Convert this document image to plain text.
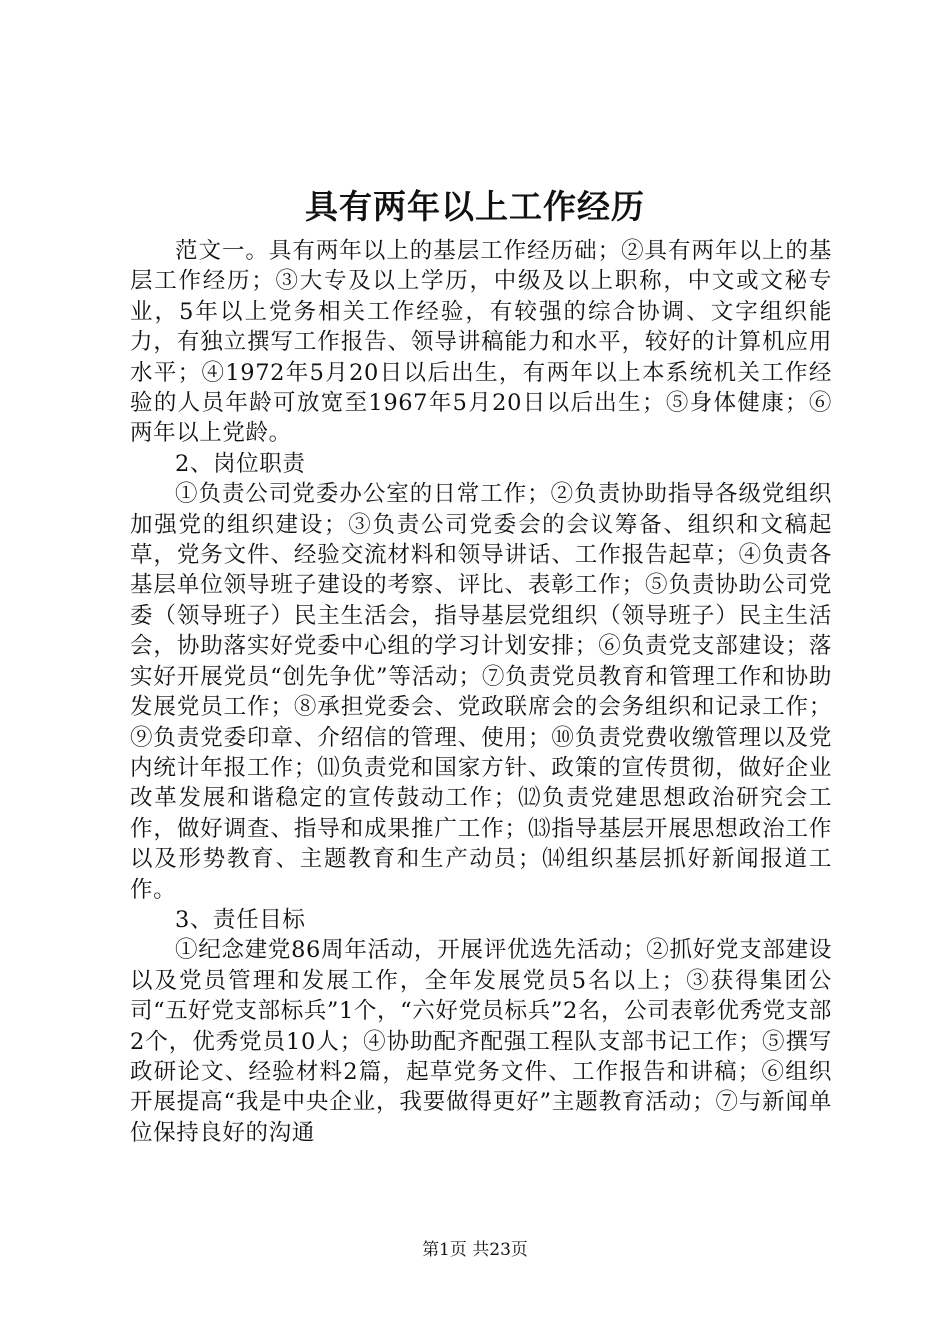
具有两年以上工作经历

范文一。具有两年以上的基层工作经历础；②具有两年以上的基层工作经历；③大专及以上学历，中级及以上职称，中文或文秘专业，5年以上党务相关工作经验，有较强的综合协调、文字组织能力，有独立撰写工作报告、领导讲稿能力和水平，较好的计算机应用水平；④1972年5月20日以后出生，有两年以上本系统机关工作经验的人员年龄可放宽至1967年5月20日以后出生；⑤身体健康；⑥两年以上党龄。

2、岗位职责

①负责公司党委办公室的日常工作；②负责协助指导各级党组织加强党的组织建设；③负责公司党委会的会议筹备、组织和文稿起草，党务文件、经验交流材料和领导讲话、工作报告起草；④负责各基层单位领导班子建设的考察、评比、表彰工作；⑤负责协助公司党委（领导班子）民主生活会，指导基层党组织（领导班子）民主生活会，协助落实好党委中心组的学习计划安排；⑥负责党支部建设；落实好开展党员“创先争优”等活动；⑦负责党员教育和管理工作和协助发展党员工作；⑧承担党委会、党政联席会的会务组织和记录工作；⑨负责党委印章、介绍信的管理、使用；⑩负责党费收缴管理以及党内统计年报工作；⑾负责党和国家方针、政策的宣传贯彻，做好企业改革发展和谐稳定的宣传鼓动工作；⑿负责党建思想政治研究会工作，做好调查、指导和成果推广工作；⒀指导基层开展思想政治工作以及形势教育、主题教育和生产动员；⒁组织基层抓好新闻报道工作。

3、责任目标

①纪念建党86周年活动，开展评优选先活动；②抓好党支部建设以及党员管理和发展工作，全年发展党员5名以上；③获得集团公司“五好党支部标兵”1个，“六好党员标兵”2名，公司表彰优秀党支部2个，优秀党员10人；④协助配齐配强工程队支部书记工作；⑤撰写政研论文、经验材料2篇，起草党务文件、工作报告和讲稿；⑥组织开展提高“我是中央企业，我要做得更好”主题教育活动；⑦与新闻单位保持良好的沟通

第1页 共23页
